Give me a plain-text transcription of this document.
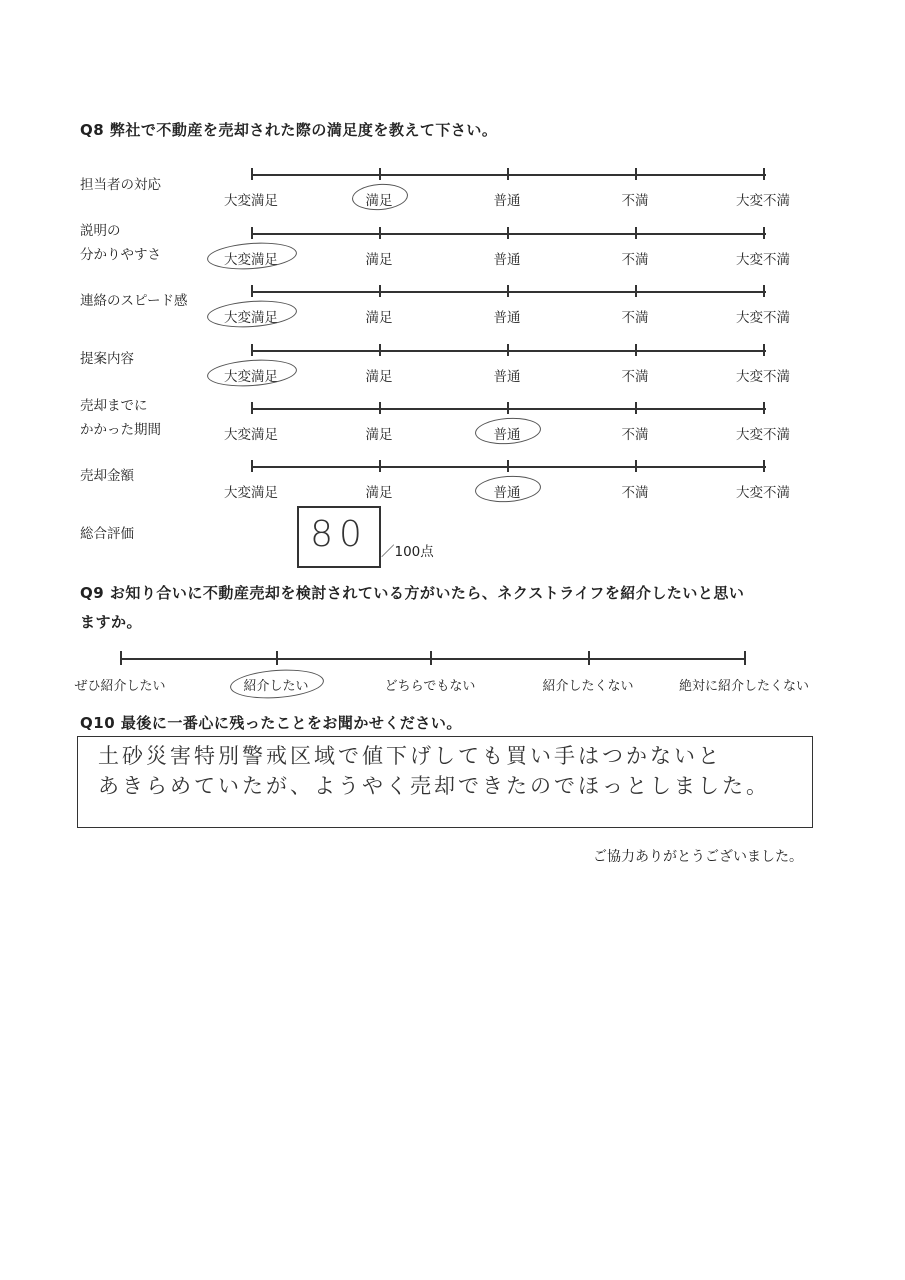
Q8 弊社で不動産を売却された際の満足度を教えて下さい。
担当者の対応
大変満足	満足	普通	不満	大変不満
説明の
分かりやすさ	大変満足	満足	普通	不満	大変不満
連絡のスピード感
大変満足	満足	普通	不満	大変不満
提案内容
大変満足	満足	普通	不満	大変不満
売却までに
かかった期間	大変満足	満足	普通	不満	大変不満
売却金額
大変満足	満足	普通	不満	大変不満
総合評価	80 ／100点
Q9 お知り合いに不動産売却を検討されている方がいたら、ネクストライフを紹介したいと思い
ますか。
ぜひ紹介したい	紹介したい	どちらでもない	紹介したくない	絶対に紹介したくない
Q10 最後に一番心に残ったことをお聞かせください。
土砂災害特別警戒区域で値下げしても買い手はつかないと
あきらめていたが、ようやく売却できたのでほっとしました。
ご協力ありがとうございました。
